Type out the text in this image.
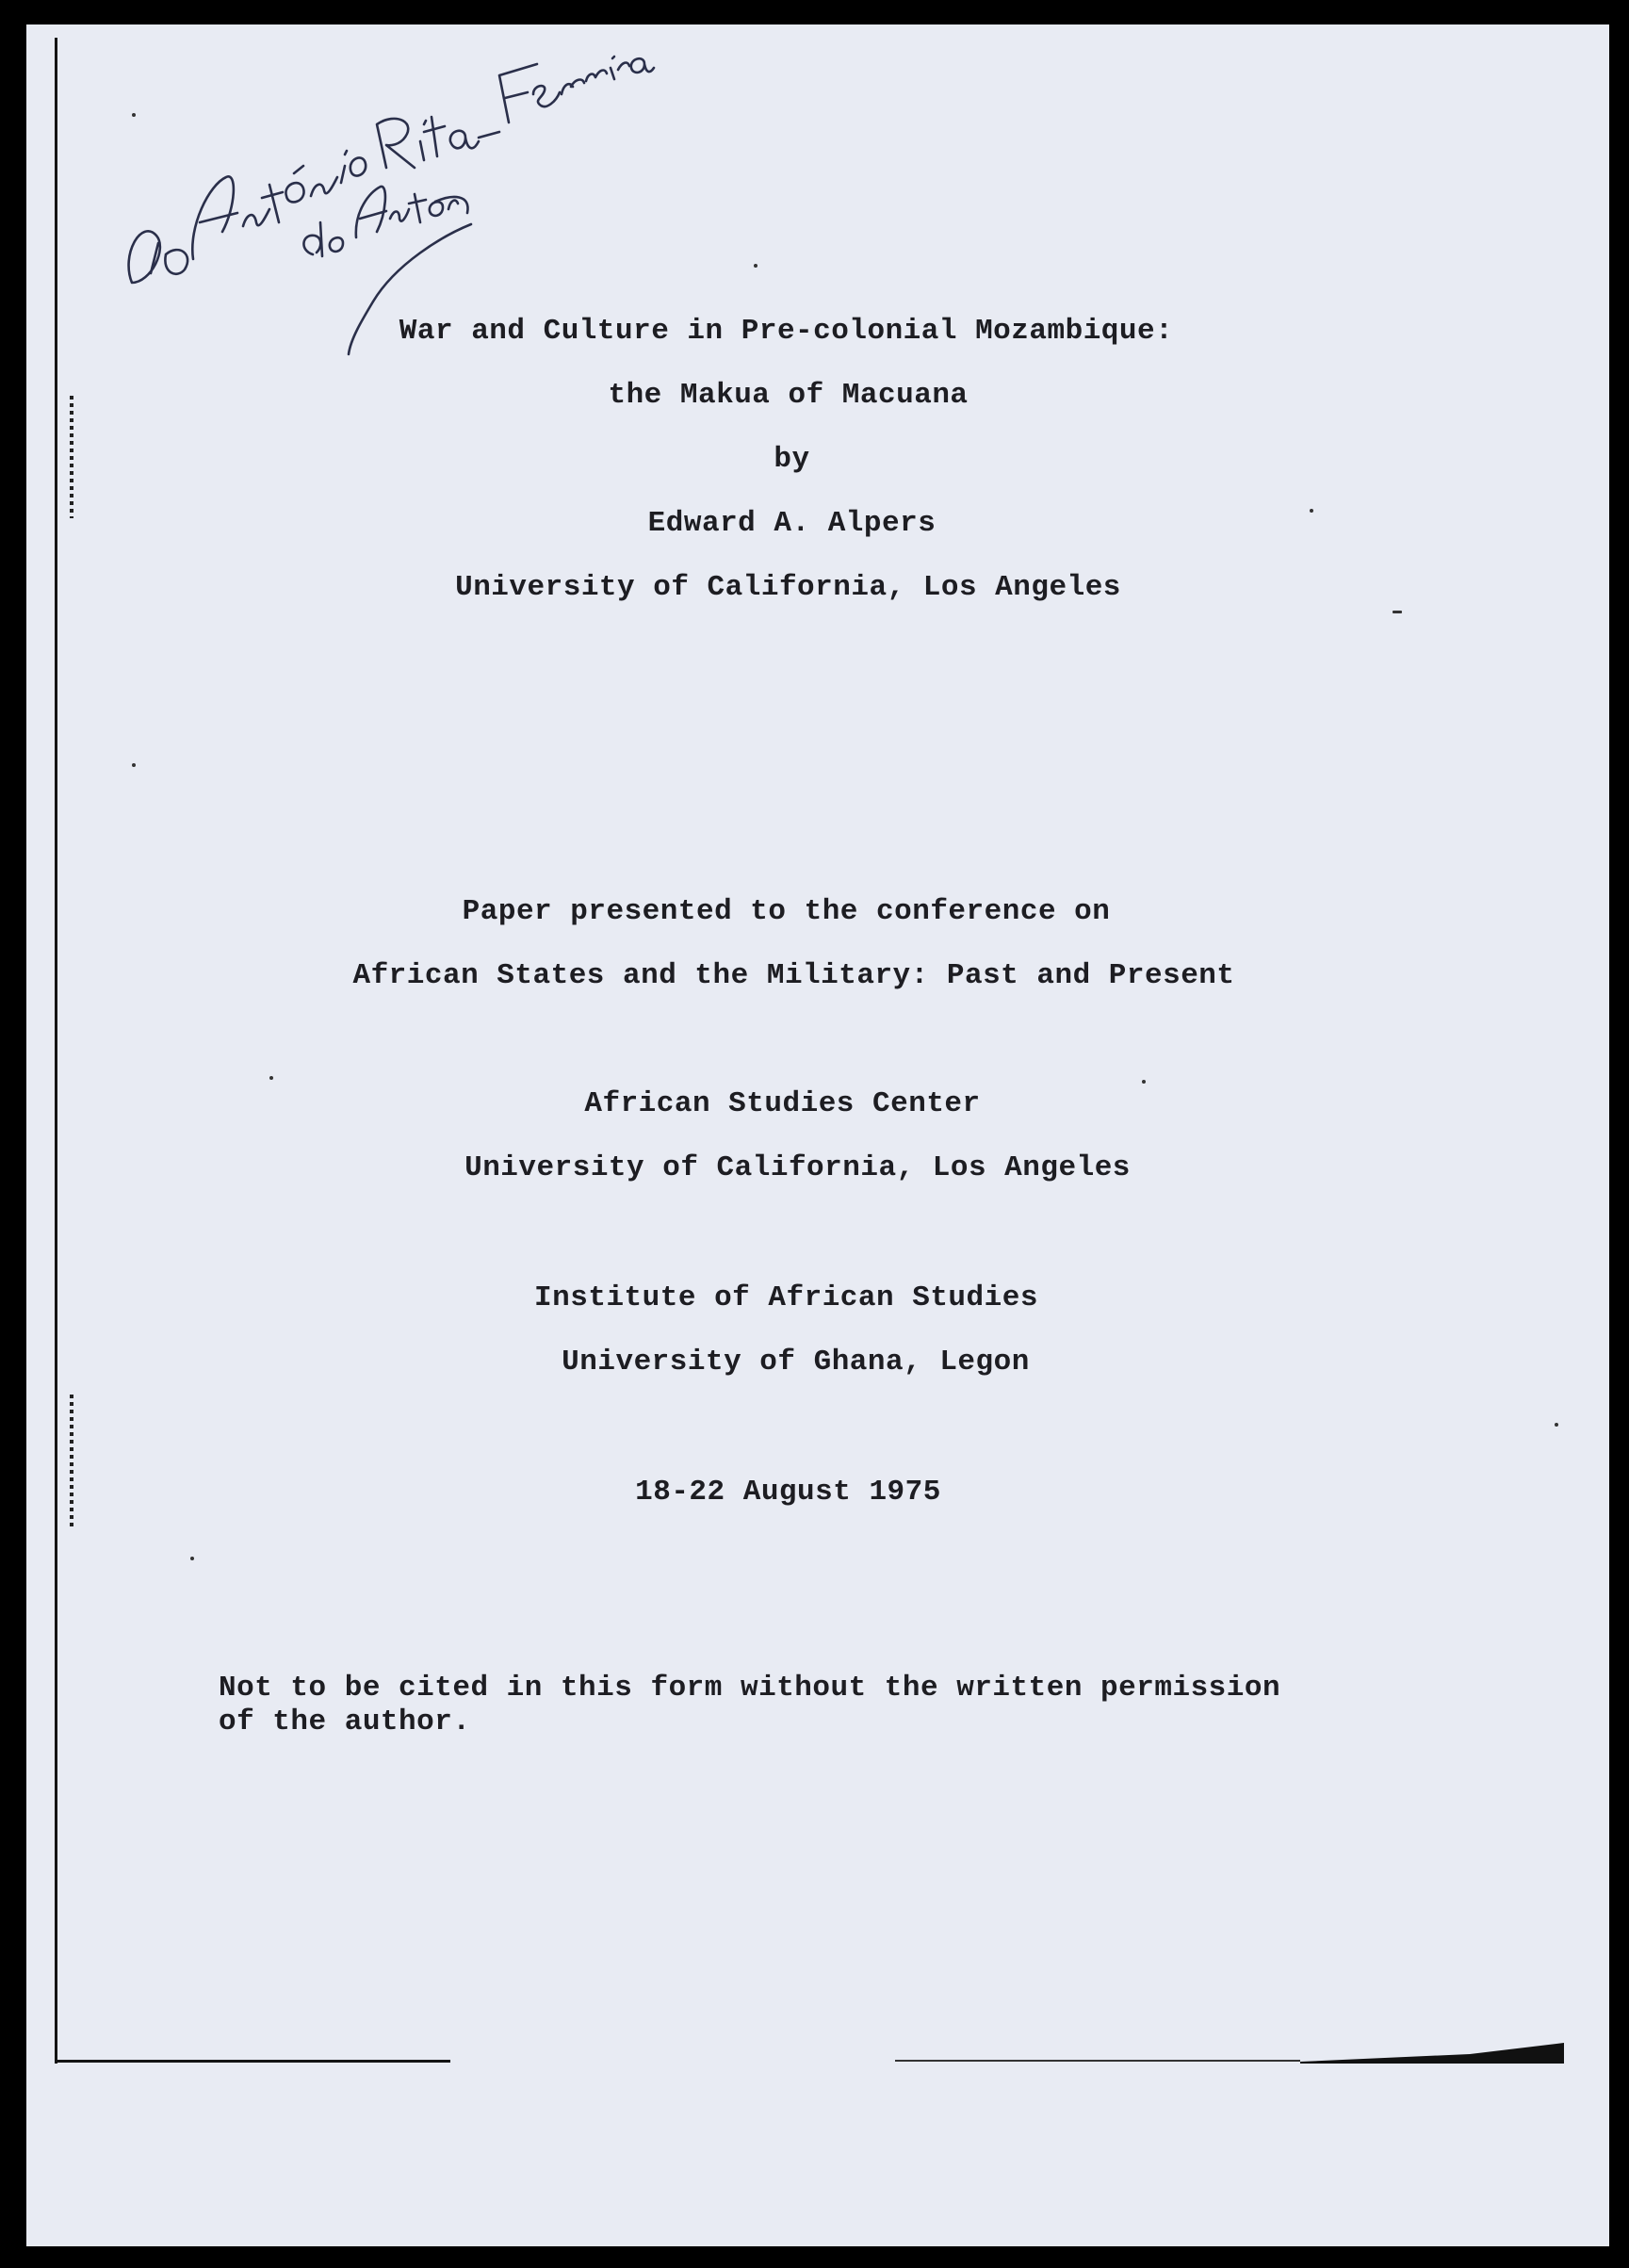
War and Culture in Pre-colonial Mozambique:
the Makua of Macuana
by
Edward A. Alpers
University of California, Los Angeles
Paper presented to the conference on
African States and the Military: Past and Present
African Studies Center
University of California, Los Angeles
Institute of African Studies
University of Ghana, Legon
18-22 August 1975
Not to be cited in this form without the written permission
of the author.
